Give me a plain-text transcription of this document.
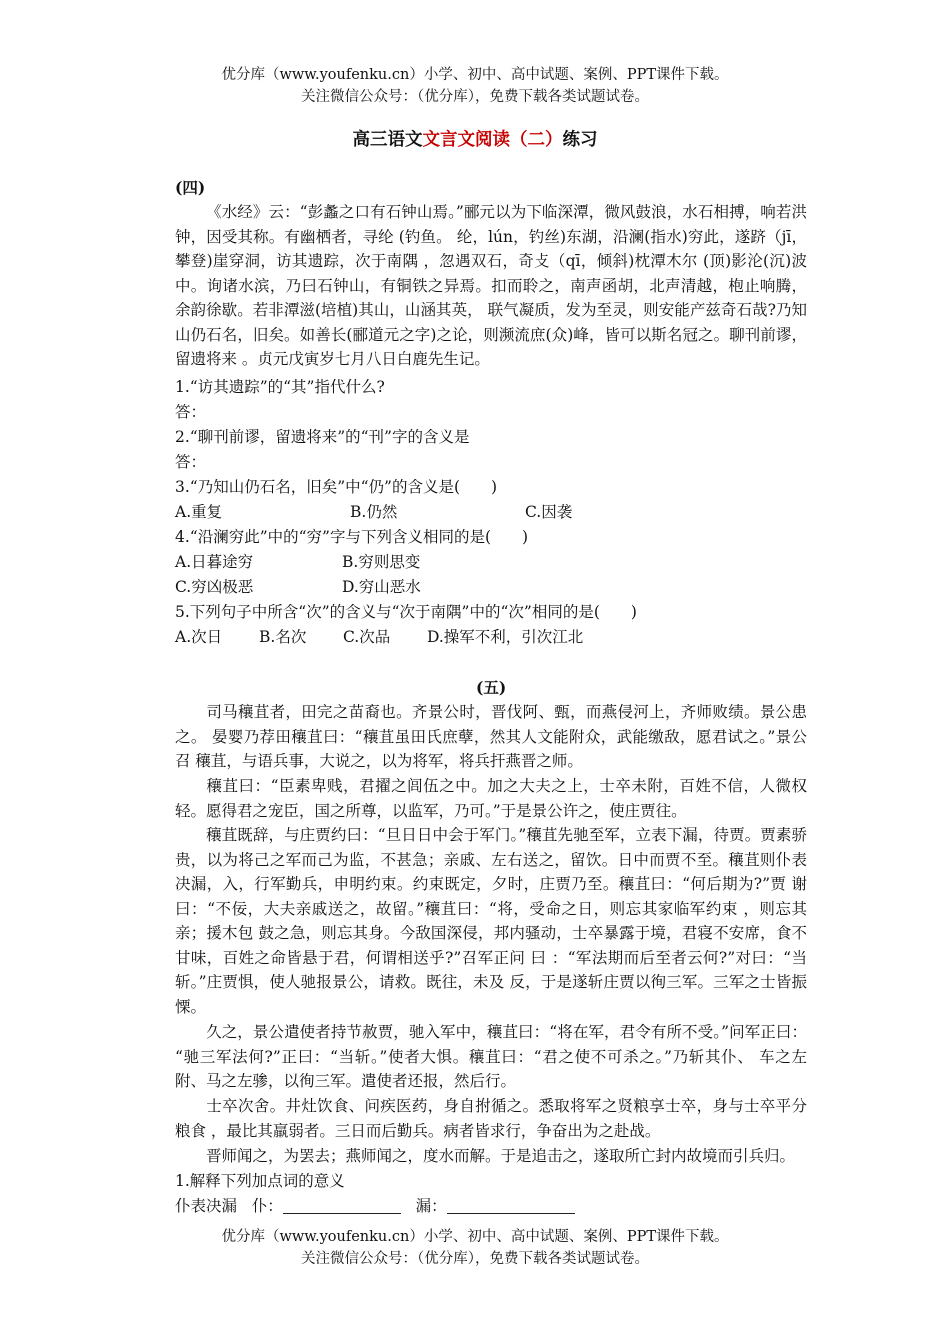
优分库（www.youfenku.cn）小学、初中、高中试题、案例、PPT课件下载。
关注微信公众号：（优分库），免费下载各类试题试卷。
高三语文文言文阅读（二）练习
(四)
《水经》云：“彭蠡之口有石钟山焉。”郦元以为下临深潭，微风鼓浪，水石相搏，响若洪 钟，因受其称。有幽栖者，寻纶 (钓鱼。 纶，lún，钓丝)东湖，沿澜(指水)穷此，遂跻（jī，攀登)崖穿洞，访其遗踪，次于南隅 ，忽遇双石，奇攴（qī，倾斜)枕潭木尔 (顶)影沦(沉)波中。询诸水滨，乃曰石钟山，有铜铁之异焉。扣而聆之，南声函胡，北声清越，枹止响腾，余韵徐歇。若非潭滋(培植)其山，山涵其英， 联气凝质，发为至灵，则安能产兹奇石哉?乃知山仍石名，旧矣。如善长(郦道元之字)之论，则濒流庶(众)峰，皆可以斯名冠之。聊刊前谬，留遗将来 。贞元戊寅岁七月八日白鹿先生记。
1.“访其遗踪”的“其”指代什么?
答：
2.“聊刊前谬，留遗将来”的“刊”字的含义是
答：
3.“乃知山仍石名，旧矣”中“仍”的含义是(　　)
A.重复	B.仍然	C.因袭
4.“沿澜穷此”中的“穷”字与下列含义相同的是(　　)
A.日暮途穷	B.穷则思变
C.穷凶极恶	D.穷山恶水
5.下列句子中所含“次”的含义与“次于南隅”中的“次”相同的是(　　)
A.次日 B.名次 C.次品 D.操军不利，引次江北
(五)
司马穰苴者，田完之苗裔也。齐景公时，晋伐阿、甄，而燕侵河上，齐师败绩。景公患之。 晏婴乃荐田穰苴曰：“穰苴虽田氏庶孽，然其人文能附众，武能缴敌，愿君试之。”景公召 穰苴，与语兵事，大说之，以为将军，将兵扞燕晋之师。
穰苴曰：“臣素卑贱，君擢之闾伍之中。加之大夫之上，士卒未附，百姓不信，人微权轻。愿得君之宠臣，国之所尊，以监军，乃可。”于是景公许之，使庄贾往。
穰苴既辞，与庄贾约曰：“旦日日中会于军门。”穰苴先驰至军，立表下漏，待贾。贾素骄贵，以为将己之军而己为监，不甚急；亲戚、左右送之，留饮。日中而贾不至。穰苴则仆表决漏，入，行军勤兵，申明约束。约束既定，夕时，庄贾乃至。穰苴曰：“何后期为?”贾 谢曰：“不佞，大夫亲戚送之，故留。”穰苴曰：“将，受命之日，则忘其家临军约束 ，则忘其亲；援木包 鼓之急，则忘其身。今敌国深侵，邦内骚动，士卒暴露于境，君寝不安席，食不甘味，百姓之命皆悬于君，何谓相送乎?”召军正问 曰 ：“军法期而后至者云何?”对曰：“当斩。”庄贾惧，使人驰报景公，请救。既往，未及 反，于是遂斩庄贾以徇三军。三军之士皆振慄。
久之，景公遣使者持节赦贾，驰入军中，穰苴曰：“将在军，君令有所不受。”问军正曰： “驰三军法何?”正曰：“当斩。”使者大惧。穰苴曰：“君之使不可杀之。”乃斩其仆、 车之左附、马之左骖，以徇三军。遣使者还报，然后行。
士卒次舍。井灶饮食、问疾医药，身自拊循之。悉取将军之贤粮享士卒，身与士卒平分粮食 ，最比其羸弱者。三日而后勤兵。病者皆求行，争奋出为之赴战。
晋师闻之，为罢去；燕师闻之，度水而解。于是追击之，遂取所亡封内故境而引兵归。
1.解释下列加点词的意义
仆表决漏 仆：	漏：
优分库（www.youfenku.cn）小学、初中、高中试题、案例、PPT课件下载。
关注微信公众号：（优分库），免费下载各类试题试卷。
